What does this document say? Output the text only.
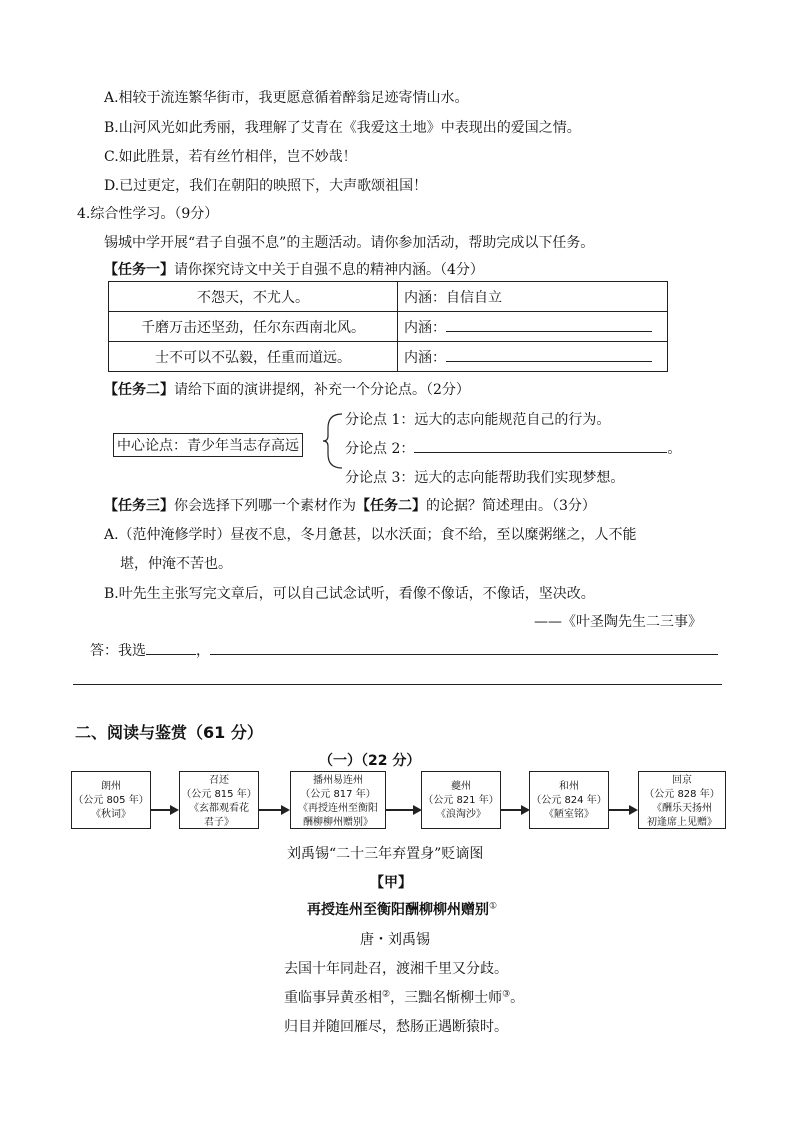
A.相较于流连繁华街市，我更愿意循着醉翁足迹寄情山水。
B.山河风光如此秀丽，我理解了艾青在《我爱这土地》中表现出的爱国之情。
C.如此胜景，若有丝竹相伴，岂不妙哉！
D.已过更定，我们在朝阳的映照下，大声歌颂祖国！
4.综合性学习。（9分）
锡城中学开展“君子自强不息”的主题活动。请你参加活动，帮助完成以下任务。
【任务一】请你探究诗文中关于自强不息的精神内涵。（4分）
不怨天，不尤人。	内涵：自信自立
千磨万击还坚劲，任尔东西南北风。	内涵：
士不可以不弘毅，任重而道远。	内涵：
【任务二】请给下面的演讲提纲，补充一个分论点。（2分）
中心论点：青少年当志存高远
分论点 1：远大的志向能规范自己的行为。
分论点 2：	。
分论点 3：远大的志向能帮助我们实现梦想。
【任务三】你会选择下列哪一个素材作为【任务二】的论据？简述理由。（3分）
A.（范仲淹修学时）昼夜不息，冬月惫甚，以水沃面；食不给，至以糜粥继之，人不能
堪，仲淹不苦也。
B.叶先生主张写完文章后，可以自己试念试听，看像不像话，不像话，坚决改。
——《叶圣陶先生二三事》
答：我选	，
二、阅读与鉴赏（61 分）
（一）（22 分）
朗州
（公元 805 年）
《秋词》
召还
（公元 815 年）
《玄都观看花
君子》
播州易连州
（公元 817 年）
《再授连州至衡阳
酬柳柳州赠别》
夔州
（公元 821 年）
《浪淘沙》
和州
（公元 824 年）
《陋室铭》
回京
（公元 828 年）
《酬乐天扬州
初逢席上见赠》
刘禹锡“二十三年弃置身”贬谪图
【甲】
再授连州至衡阳酬柳柳州赠别①
唐・刘禹锡
去国十年同赴召，渡湘千里又分歧。
重临事异黄丞相②，三黜名惭柳士师③。
归目并随回雁尽，愁肠正遇断猿时。
